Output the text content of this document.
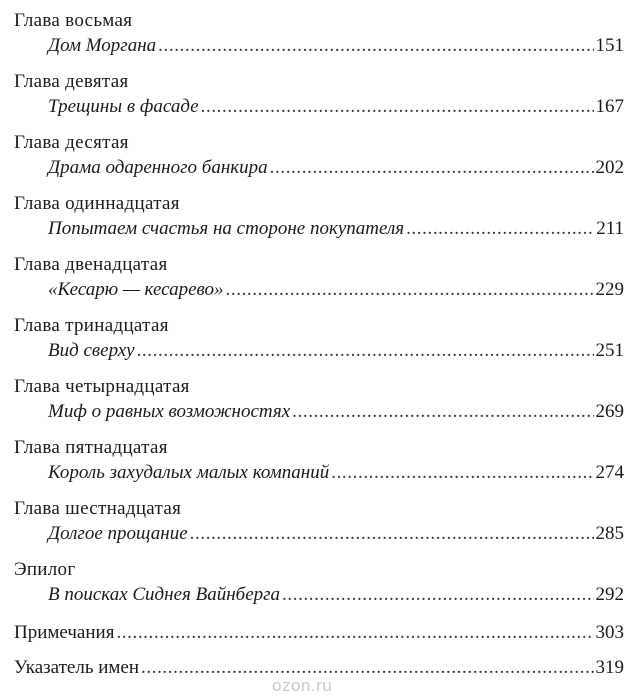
Глава восьмая
Дом Моргана .....	151
Глава девятая
Трещины в фасаде .....	167
Глава десятая
Драма одаренного банкира .....	202
Глава одиннадцатая
Попытаем счастья на стороне покупателя .....	211
Глава двенадцатая
«Кесарю — кесарево» .....	229
Глава тринадцатая
Вид сверху .....	251
Глава четырнадцатая
Миф о равных возможностях .....	269
Глава пятнадцатая
Король захудалых малых компаний .....	274
Глава шестнадцатая
Долгое прощание .....	285
Эпилог
В поисках Сиднея Вайнберга .....	292
Примечания .....	303
Указатель имен .....	319
ozon.ru
